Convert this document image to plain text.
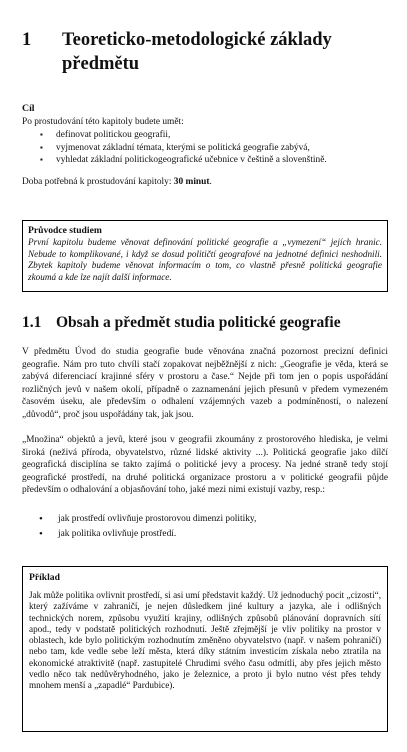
1 Teoreticko-metodologické základy předmětu
Cíl
Po prostudování této kapitoly budete umět:
▪ definovat politickou geografii,
▪ vyjmenovat základní témata, kterými se politická geografie zabývá,
▪ vyhledat základní politickogeografické učebnice v češtině a slovenštině.
Doba potřebná k prostudování kapitoly: 30 minut.
Průvodce studiem
První kapitolu budeme věnovat definování politické geografie a „vymezení“ jejích hranic. Nebude to komplikované, i když se dosud političtí geografové na jednotné definici neshodnili. Zbytek kapitoly budeme věnovat informacím o tom, co vlastně přesně politická geografie zkoumá a kde lze najít další informace.
1.1 Obsah a předmět studia politické geografie
V předmětu Úvod do studia geografie bude věnována značná pozornost precizní definici geografie. Nám pro tuto chvíli stačí zopakovat nejběžnější z nich: „Geografie je věda, která se zabývá diferenciací krajinné sféry v prostoru a čase.“ Nejde při tom jen o popis uspořádání rozličných jevů v našem okolí, případně o zaznamenání jejich přesunů v předem vymezeném časovém úseku, ale především o odhalení vzájemných vazeb a podmíněností, o nalezení „důvodů“, proč jsou uspořádány tak, jak jsou.
„Množina“ objektů a jevů, které jsou v geografii zkoumány z prostorového hlediska, je velmi široká (neživá příroda, obyvatelstvo, různé lidské aktivity ...). Politická geografie jako dílčí geografická disciplína se takto zajímá o politické jevy a procesy. Na jedné straně tedy stojí geografické prostředí, na druhé politická organizace prostoru a v politické geografii půjde především o odhalování a objasňování toho, jaké mezi nimi existují vazby, resp.:
• jak prostředí ovlivňuje prostorovou dimenzi politiky,
• jak politika ovlivňuje prostředí.
Příklad
Jak může politika ovlivnit prostředí, si asi umí představit každý. Už jednoduchý pocit „cizosti“, který zažíváme v zahraničí, je nejen důsledkem jiné kultury a jazyka, ale i odlišných technických norem, způsobu využití krajiny, odlišných způsobů plánování dopravních sítí apod., tedy v podstatě politických rozhodnutí. Ještě zřejmější je vliv politiky na prostor v oblastech, kde bylo politickým rozhodnutím změněno obyvatelstvo (např. v našem pohraničí) nebo tam, kde vedle sebe leží města, která díky státním investicím získala nebo ztratila na ekonomické atraktivitě (např. zastupitelé Chrudimi svého času odmítli, aby přes jejich město vedlo něco tak nedůvěryhodného, jako je železnice, a proto ji bylo nutno vést přes tehdy mnohem menší a „zapadlé“ Pardubice).
